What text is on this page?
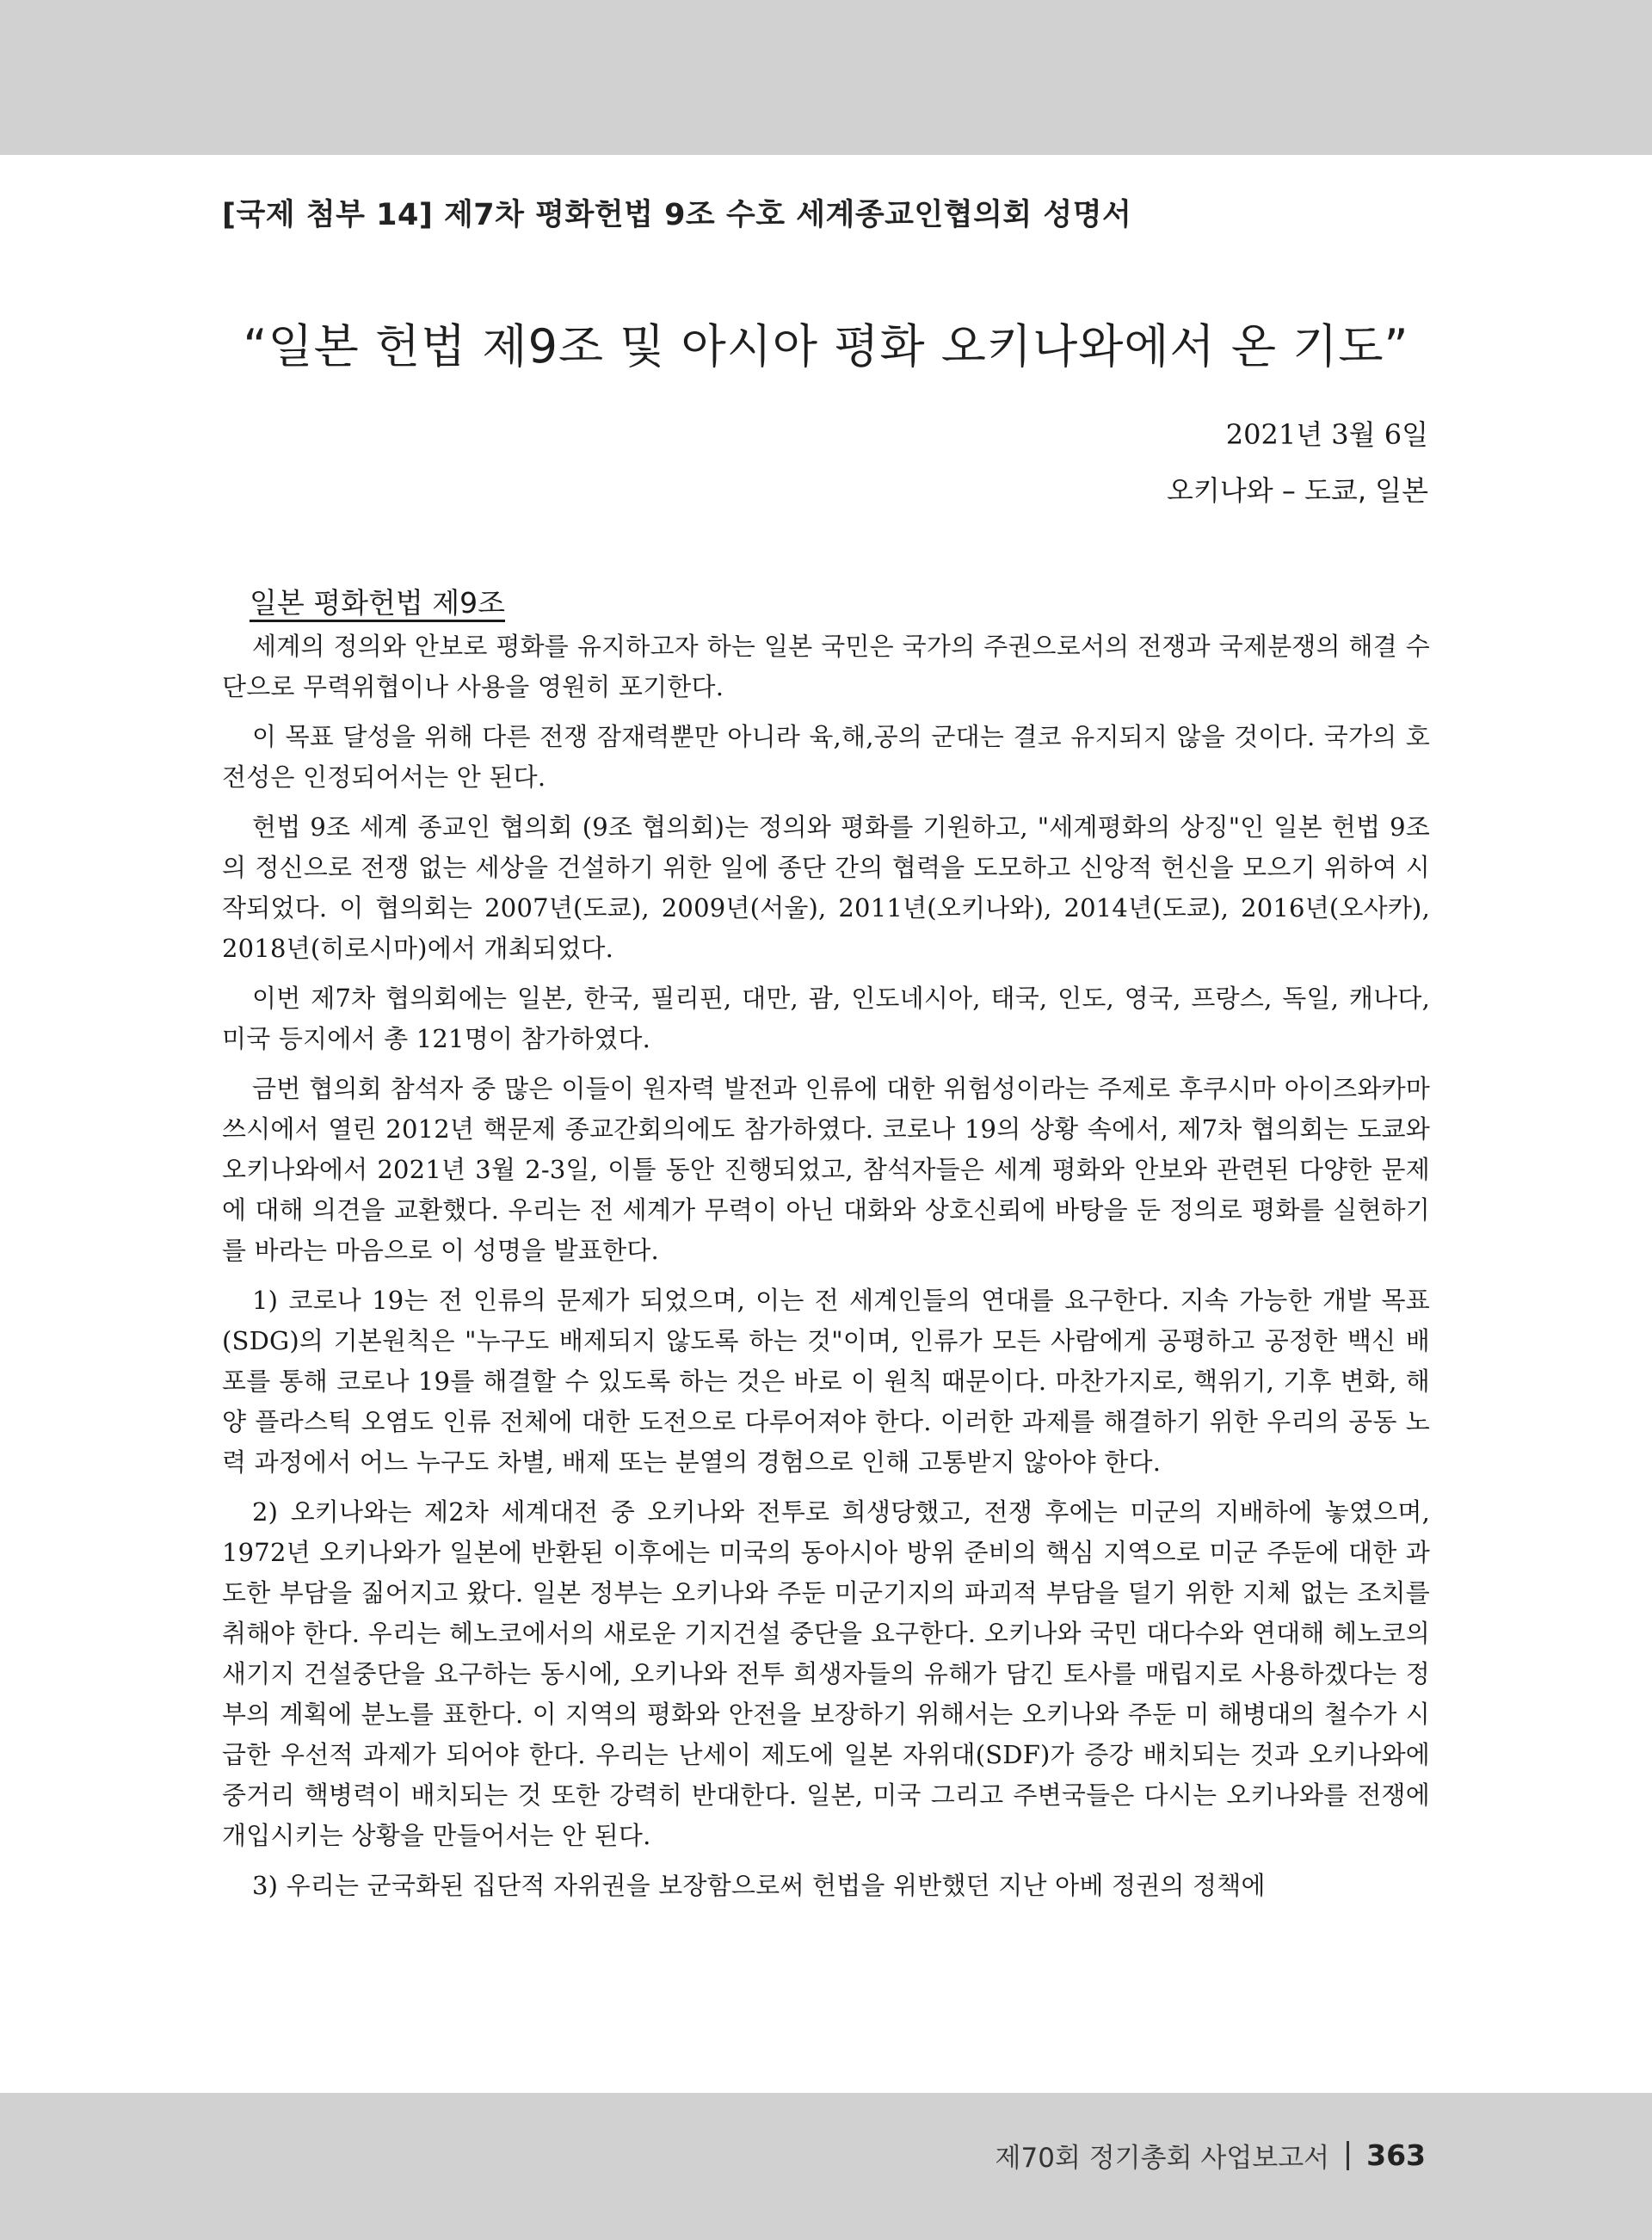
[국제 첨부 14] 제7차 평화헌법 9조 수호 세계종교인협의회 성명서
“일본 헌법 제9조 및 아시아 평화 오키나와에서 온 기도”
2021년 3월 6일
오키나와 – 도쿄, 일본
일본 평화헌법 제9조

세계의 정의와 안보로 평화를 유지하고자 하는 일본 국민은 국가의 주권으로서의 전쟁과 국제분쟁의 해결 수단으로 무력위협이나 사용을 영원히 포기한다.

이 목표 달성을 위해 다른 전쟁 잠재력뿐만 아니라 육,해,공의 군대는 결코 유지되지 않을 것이다. 국가의 호전성은 인정되어서는 안 된다.

헌법 9조 세계 종교인 협의회 (9조 협의회)는 정의와 평화를 기원하고, "세계평화의 상징"인 일본 헌법 9조의 정신으로 전쟁 없는 세상을 건설하기 위한 일에 종단 간의 협력을 도모하고 신앙적 헌신을 모으기 위하여 시작되었다. 이 협의회는 2007년(도쿄), 2009년(서울), 2011년(오키나와), 2014년(도쿄), 2016년(오사카), 2018년(히로시마)에서 개최되었다.

이번 제7차 협의회에는 일본, 한국, 필리핀, 대만, 괌, 인도네시아, 태국, 인도, 영국, 프랑스, 독일, 캐나다, 미국 등지에서 총 121명이 참가하였다.

금번 협의회 참석자 중 많은 이들이 원자력 발전과 인류에 대한 위험성이라는 주제로 후쿠시마 아이즈와카마쓰시에서 열린 2012년 핵문제 종교간회의에도 참가하였다. 코로나 19의 상황 속에서, 제7차 협의회는 도쿄와 오키나와에서 2021년 3월 2-3일, 이틀 동안 진행되었고, 참석자들은 세계 평화와 안보와 관련된 다양한 문제에 대해 의견을 교환했다. 우리는 전 세계가 무력이 아닌 대화와 상호신뢰에 바탕을 둔 정의로 평화를 실현하기를 바라는 마음으로 이 성명을 발표한다.

1) 코로나 19는 전 인류의 문제가 되었으며, 이는 전 세계인들의 연대를 요구한다. 지속 가능한 개발 목표(SDG)의 기본원칙은 "누구도 배제되지 않도록 하는 것"이며, 인류가 모든 사람에게 공평하고 공정한 백신 배포를 통해 코로나 19를 해결할 수 있도록 하는 것은 바로 이 원칙 때문이다. 마찬가지로, 핵위기, 기후 변화, 해양 플라스틱 오염도 인류 전체에 대한 도전으로 다루어져야 한다. 이러한 과제를 해결하기 위한 우리의 공동 노력 과정에서 어느 누구도 차별, 배제 또는 분열의 경험으로 인해 고통받지 않아야 한다.

2) 오키나와는 제2차 세계대전 중 오키나와 전투로 희생당했고, 전쟁 후에는 미군의 지배하에 놓였으며, 1972년 오키나와가 일본에 반환된 이후에는 미국의 동아시아 방위 준비의 핵심 지역으로 미군 주둔에 대한 과도한 부담을 짊어지고 왔다. 일본 정부는 오키나와 주둔 미군기지의 파괴적 부담을 덜기 위한 지체 없는 조치를 취해야 한다. 우리는 헤노코에서의 새로운 기지건설 중단을 요구한다. 오키나와 국민 대다수와 연대해 헤노코의 새기지 건설중단을 요구하는 동시에, 오키나와 전투 희생자들의 유해가 담긴 토사를 매립지로 사용하겠다는 정부의 계획에 분노를 표한다. 이 지역의 평화와 안전을 보장하기 위해서는 오키나와 주둔 미 해병대의 철수가 시급한 우선적 과제가 되어야 한다. 우리는 난세이 제도에 일본 자위대(SDF)가 증강 배치되는 것과 오키나와에 중거리 핵병력이 배치되는 것 또한 강력히 반대한다. 일본, 미국 그리고 주변국들은 다시는 오키나와를 전쟁에 개입시키는 상황을 만들어서는 안 된다.

3) 우리는 군국화된 집단적 자위권을 보장함으로써 헌법을 위반했던 지난 아베 정권의 정책에

제70회 정기총회 사업보고서 363
